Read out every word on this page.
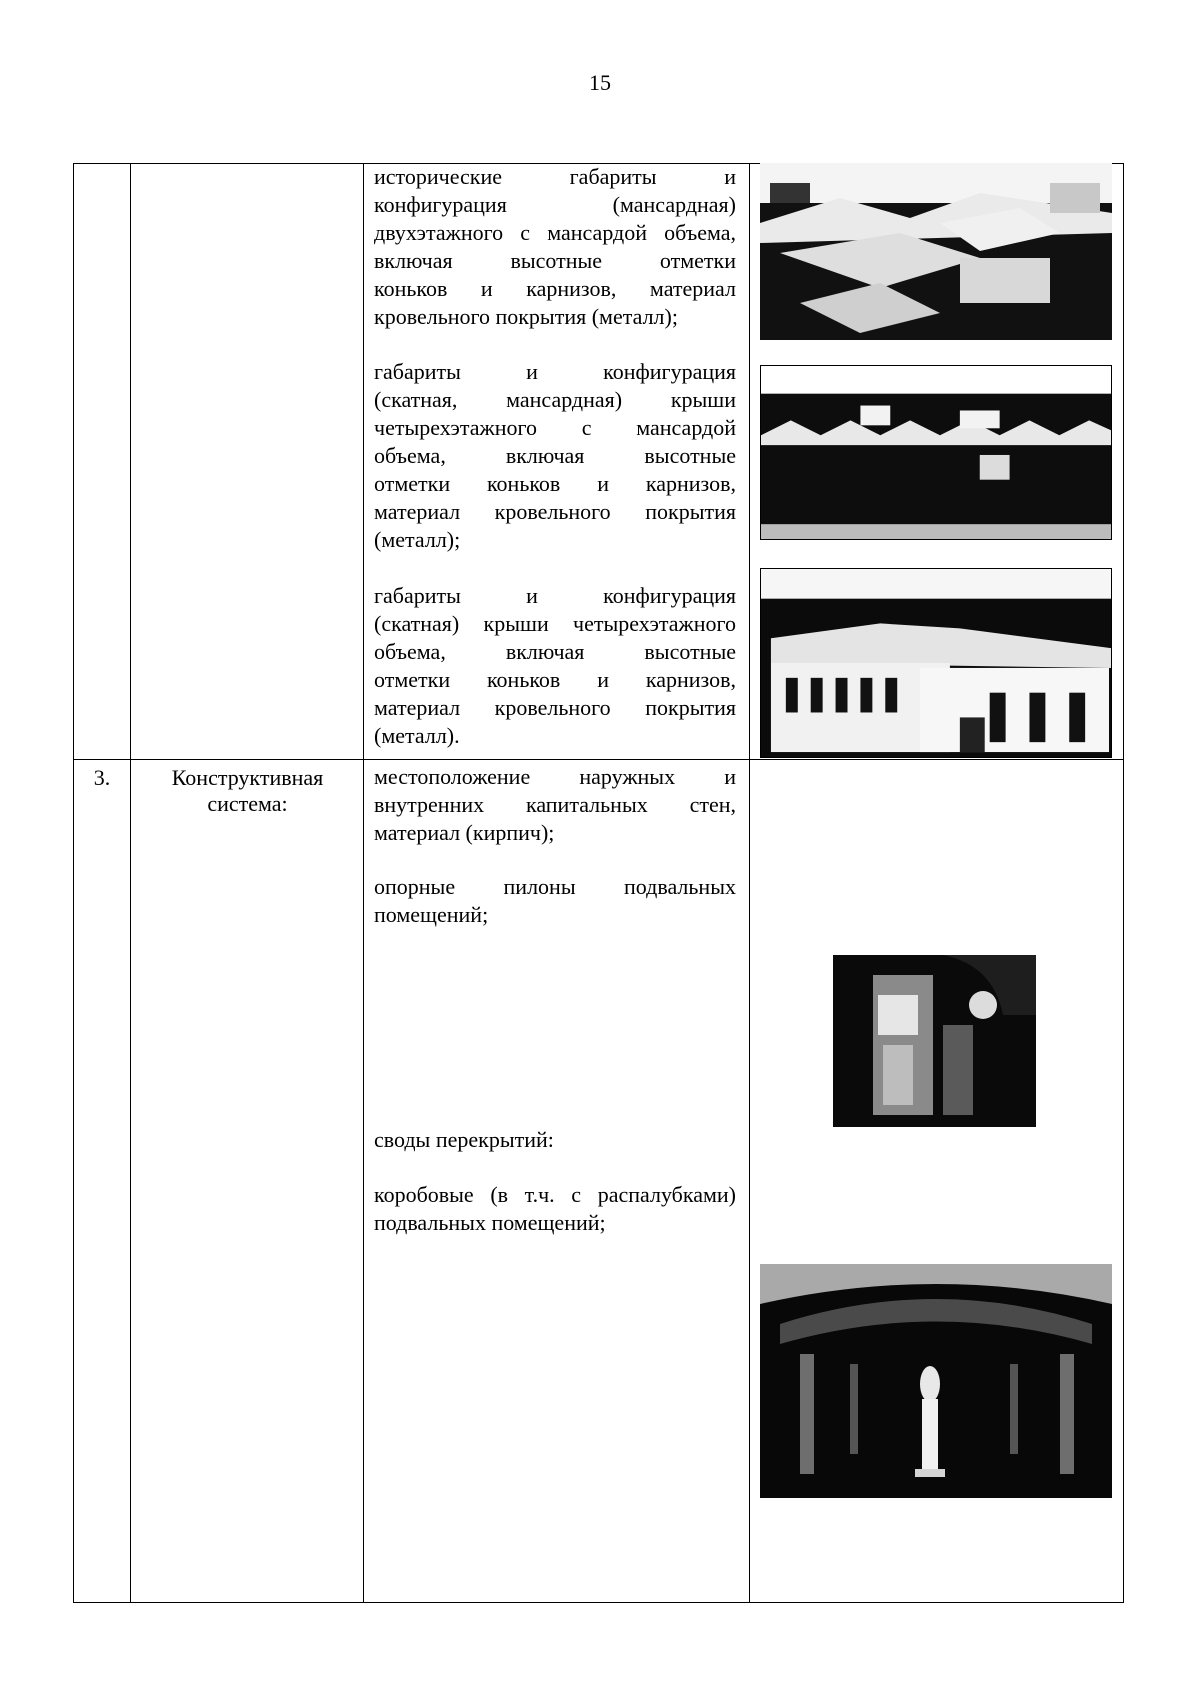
15
исторические габариты и
конфигурация (мансардная)
двухэтажного с мансардой объема,
включая высотные отметки
коньков и карнизов, материал
кровельного покрытия (металл);
габариты и конфигурация
(скатная, мансардная) крыши
четырехэтажного с мансардой
объема, включая высотные
отметки коньков и карнизов,
материал кровельного покрытия
(металл);
габариты и конфигурация
(скатная) крыши четырехэтажного
объема, включая высотные
отметки коньков и карнизов,
материал кровельного покрытия
(металл).
3.	Конструктивная
система:
местоположение наружных и
внутренних капитальных стен,
материал (кирпич);
опорные пилоны подвальных
помещений;
своды перекрытий:
коробовые (в т.ч. с распалубками)
подвальных помещений;
